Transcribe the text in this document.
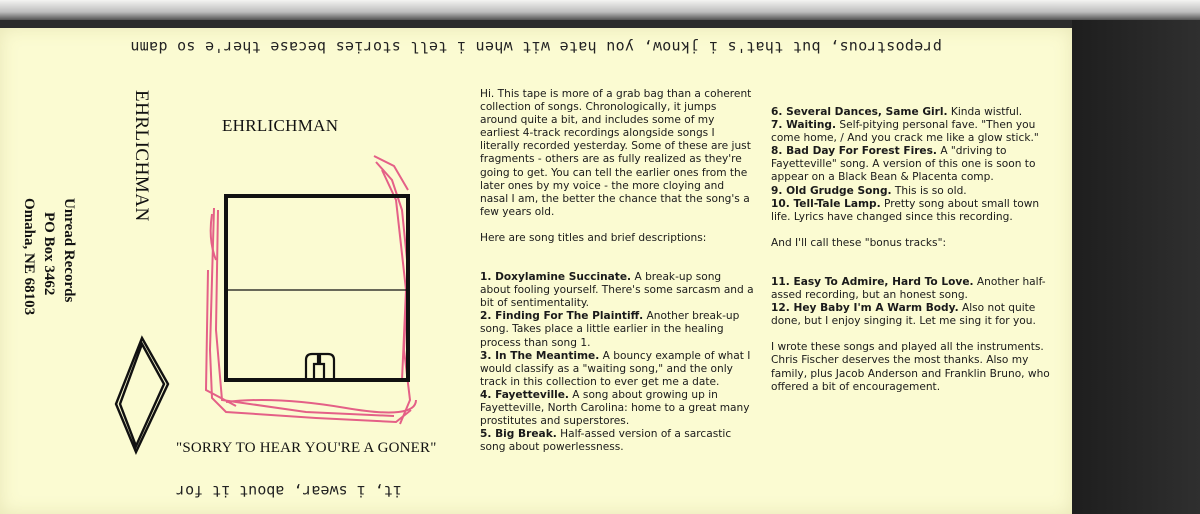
prepostrous, but that's i jknow, you hate wit when i tell stories becase ther'e so damn
it, i swear, about it for
EHRLICHMAN
Unread Records
PO Box 3462
Omaha, NE 68103
EHRLICHMAN
"SORRY TO HEAR YOU'RE A GONER"

Hi. This tape is more of a grab bag than a coherent collection of songs. Chronologically, it jumps around quite a bit, and includes some of my earliest 4-track recordings alongside songs I literally recorded yesterday. Some of these are just fragments - others are as fully realized as they're going to get. You can tell the earlier ones from the later ones by my voice - the more cloying and nasal I am, the better the chance that the song's a few years old.

Here are song titles and brief descriptions:

1. Doxylamine Succinate. A break-up song about fooling yourself. There's some sarcasm and a bit of sentimentality.
2. Finding For The Plaintiff. Another break-up song. Takes place a little earlier in the healing process than song 1.
3. In The Meantime. A bouncy example of what I would classify as a "waiting song," and the only track in this collection to ever get me a date.
4. Fayetteville. A song about growing up in Fayetteville, North Carolina: home to a great many prostitutes and superstores.
5. Big Break. Half-assed version of a sarcastic song about powerlessness.
6. Several Dances, Same Girl. Kinda wistful.
7. Waiting. Self-pitying personal fave. "Then you come home, / And you crack me like a glow stick."
8. Bad Day For Forest Fires. A "driving to Fayetteville" song. A version of this one is soon to appear on a Black Bean & Placenta comp.
9. Old Grudge Song. This is so old.
10. Tell-Tale Lamp. Pretty song about small town life. Lyrics have changed since this recording.

And I'll call these "bonus tracks":

11. Easy To Admire, Hard To Love. Another half-assed recording, but an honest song.
12. Hey Baby I'm A Warm Body. Also not quite done, but I enjoy singing it. Let me sing it for you.

I wrote these songs and played all the instruments. Chris Fischer deserves the most thanks. Also my family, plus Jacob Anderson and Franklin Bruno, who offered a bit of encouragement.
